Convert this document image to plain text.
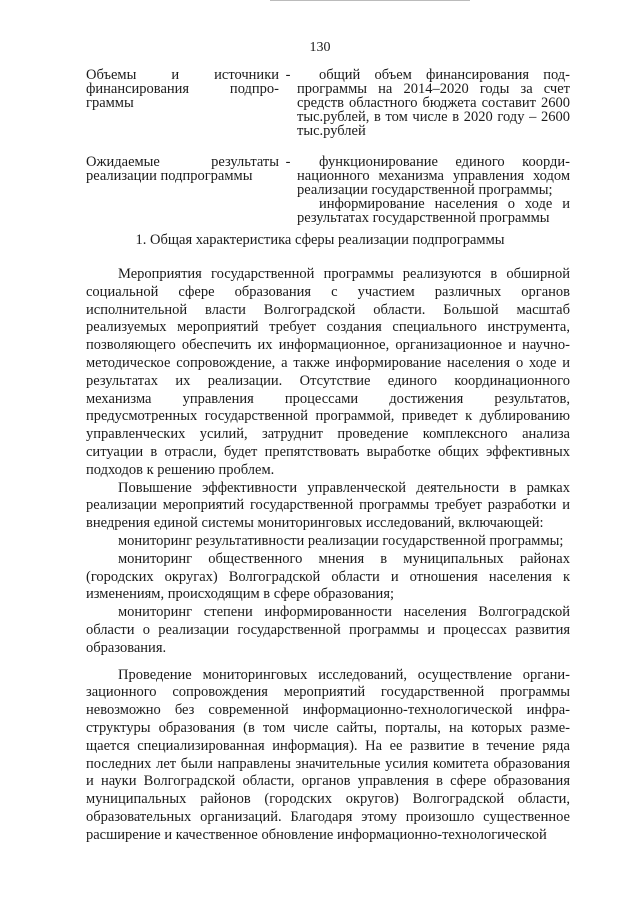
130
Объемы и источники финансирования подпро-граммы
-	общий объем финансирования под-программы на 2014–2020 годы за счет средств областного бюджета составит 2600 тыс.рублей, в том числе в 2020 году – 2600 тыс.рублей
Ожидаемые результаты реализации подпрограммы
-	функционирование единого коорди-национного механизма управления ходом реализации государственной программы;
информирование населения о ходе и результатах государственной программы
1. Общая характеристика сферы реализации подпрограммы

Мероприятия государственной программы реализуются в обширной социальной сфере образования с участием различных органов исполнительной власти Волгоградской области. Большой масштаб реализуемых мероприятий требует создания специального инструмента, позволяющего обеспечить их информационное, организационное и научно-методическое сопровождение, а также информирование населения о ходе и результатах их реализации. Отсутствие единого координационного механизма управления процессами достижения результатов, предусмотренных государственной программой, приведет к дублированию управленческих усилий, затруднит проведение комплексного анализа ситуации в отрасли, будет препятствовать выработке общих эффективных подходов к решению проблем.

Повышение эффективности управленческой деятельности в рамках реализации мероприятий государственной программы требует разработки и внедрения единой системы мониторинговых исследований, включающей:

мониторинг результативности реализации государственной программы;

мониторинг общественного мнения в муниципальных районах (городских округах) Волгоградской области и отношения населения к изменениям, происходящим в сфере образования;

мониторинг степени информированности населения Волгоградской области о реализации государственной программы и процессах развития образования.

Проведение мониторинговых исследований, осуществление органи-зационного сопровождения мероприятий государственной программы невозможно без современной информационно-технологической инфра-структуры образования (в том числе сайты, порталы, на которых разме-щается специализированная информация). На ее развитие в течение ряда последних лет были направлены значительные усилия комитета образования и науки Волгоградской области, органов управления в сфере образования муниципальных районов (городских округов) Волгоградской области, образовательных организаций. Благодаря этому произошло существенное расширение и качественное обновление информационно-технологической
